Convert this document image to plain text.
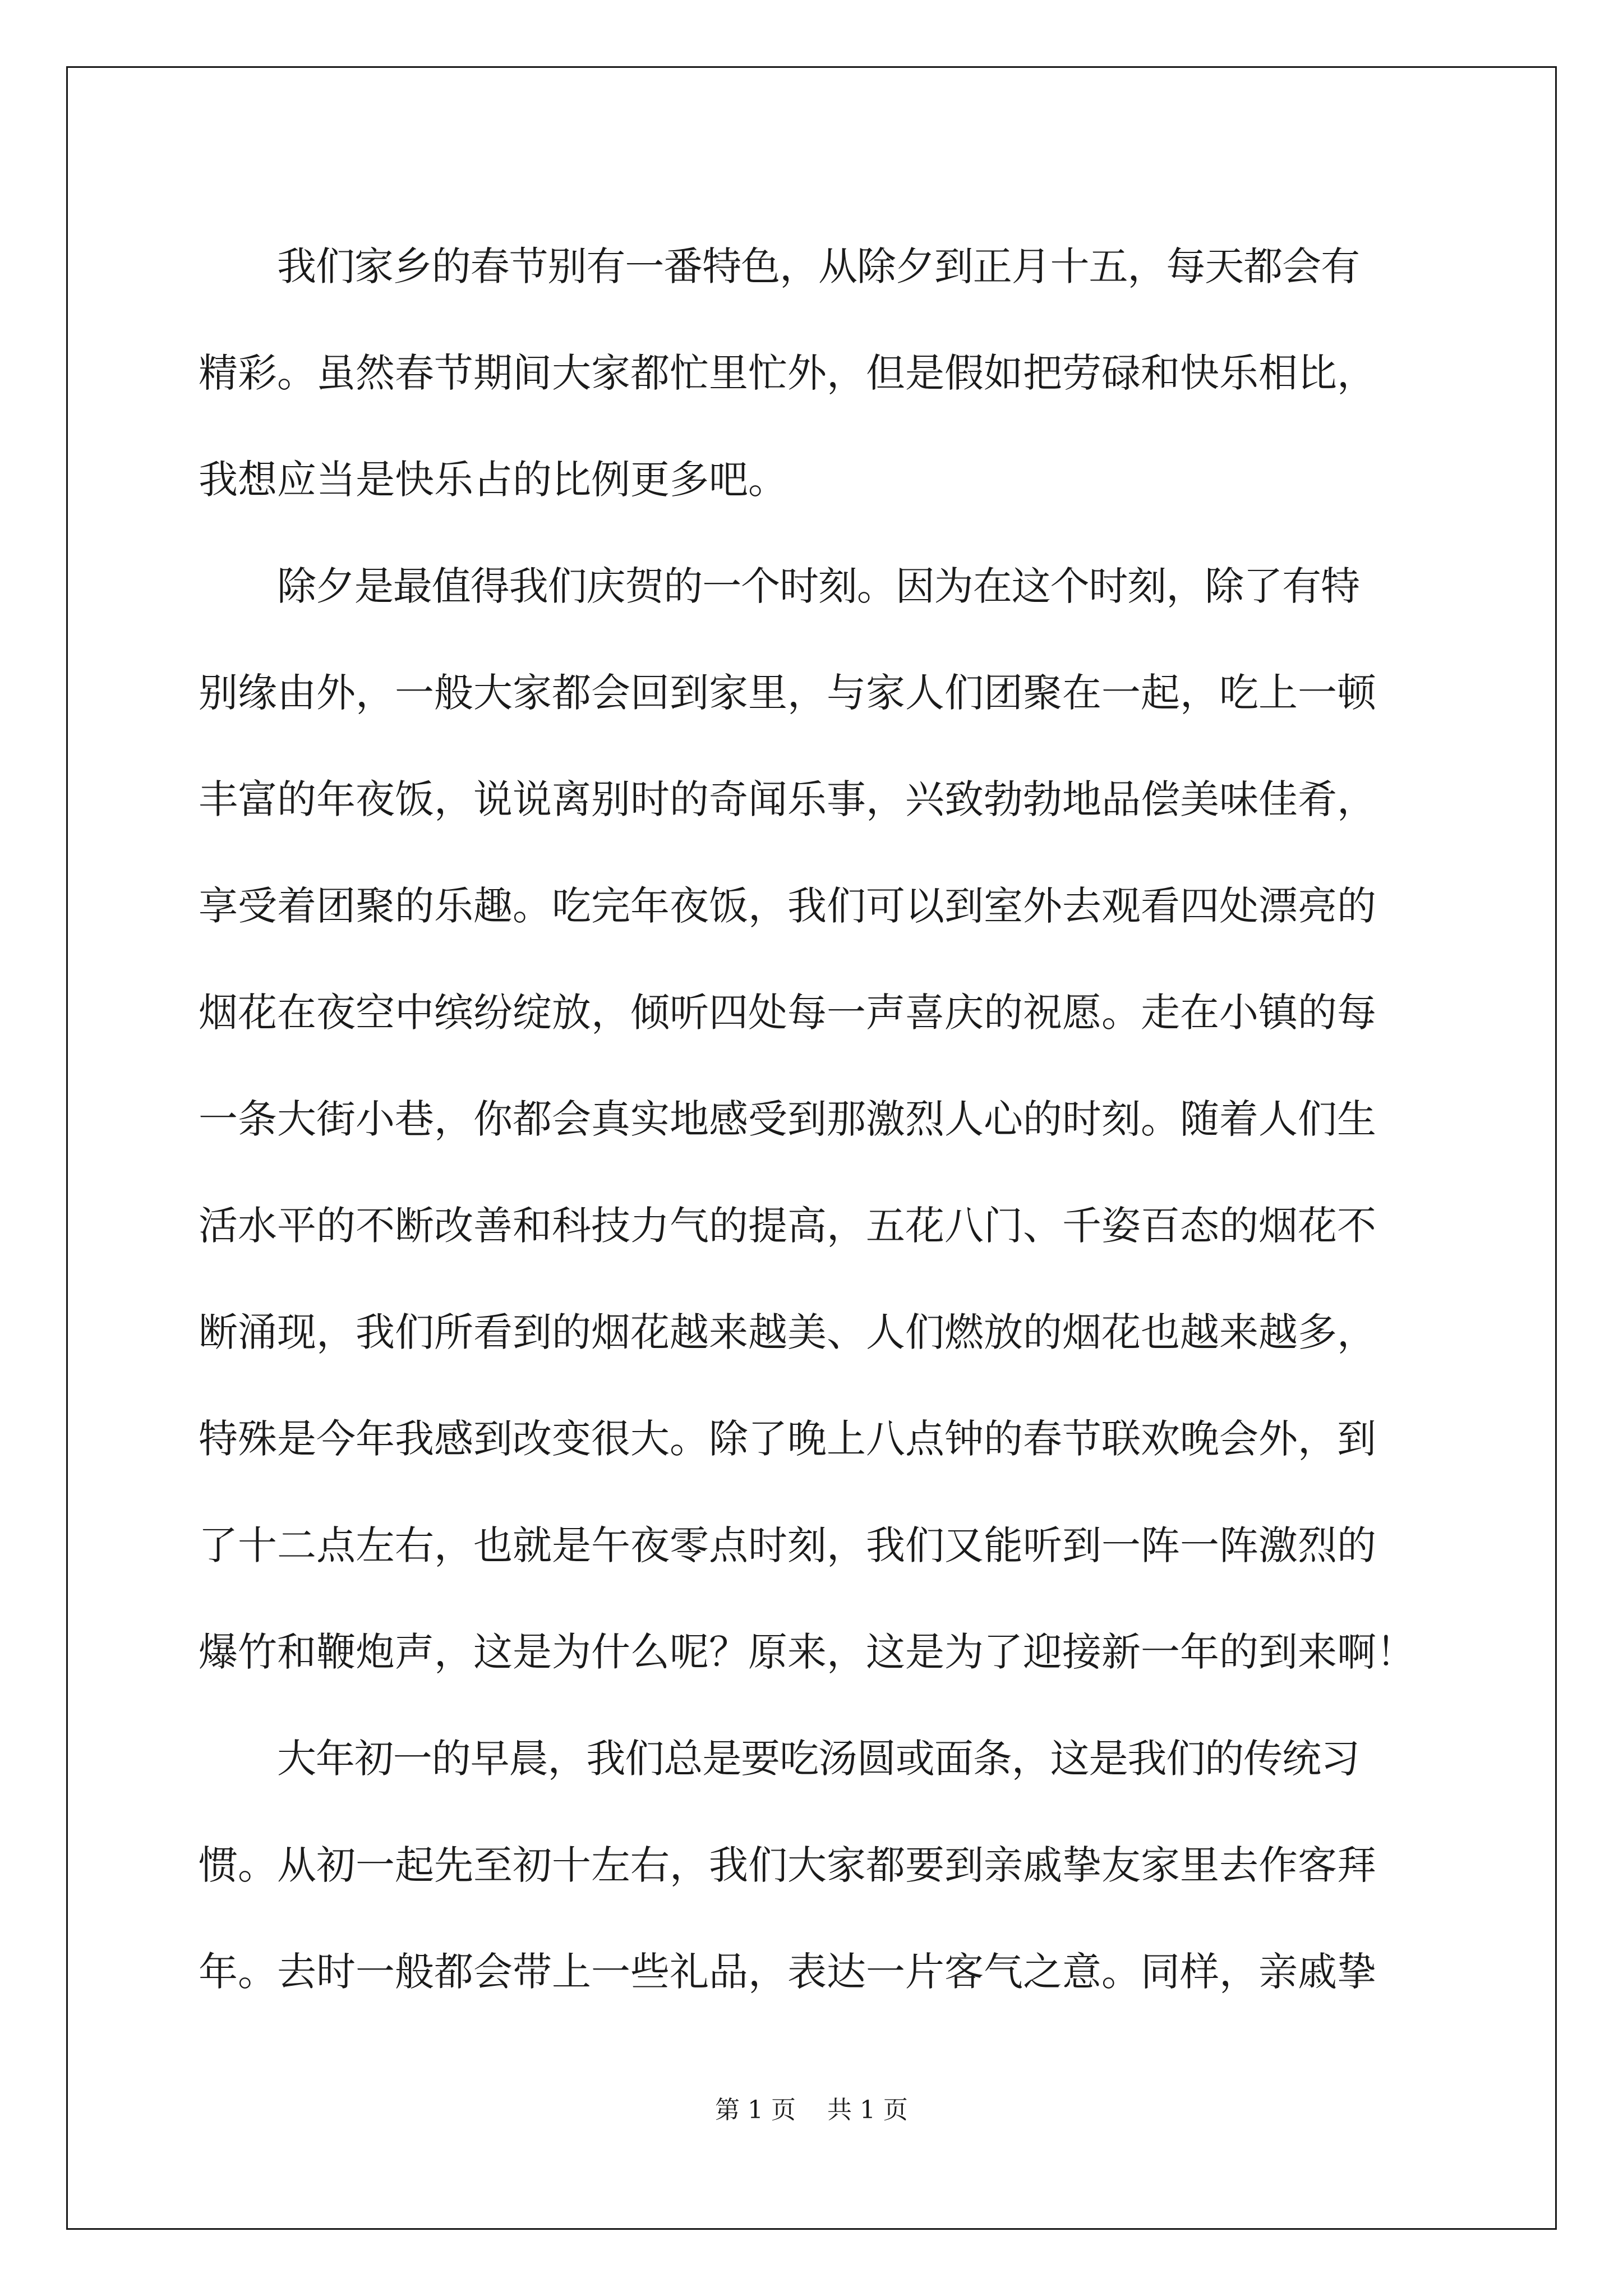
我们家乡的春节别有一番特色，从除夕到正月十五，每天都会有
精彩。虽然春节期间大家都忙里忙外，但是假如把劳碌和快乐相比，
我想应当是快乐占的比例更多吧。

除夕是最值得我们庆贺的一个时刻。因为在这个时刻，除了有特
别缘由外，一般大家都会回到家里，与家人们团聚在一起，吃上一顿
丰富的年夜饭，说说离别时的奇闻乐事，兴致勃勃地品偿美味佳肴，
享受着团聚的乐趣。吃完年夜饭，我们可以到室外去观看四处漂亮的
烟花在夜空中缤纷绽放，倾听四处每一声喜庆的祝愿。走在小镇的每
一条大街小巷，你都会真实地感受到那激烈人心的时刻。随着人们生
活水平的不断改善和科技力气的提高，五花八门、千姿百态的烟花不
断涌现，我们所看到的烟花越来越美、人们燃放的烟花也越来越多，
特殊是今年我感到改变很大。除了晚上八点钟的春节联欢晚会外，到
了十二点左右，也就是午夜零点时刻，我们又能听到一阵一阵激烈的
爆竹和鞭炮声，这是为什么呢？原来，这是为了迎接新一年的到来啊！

大年初一的早晨，我们总是要吃汤圆或面条，这是我们的传统习
惯。从初一起先至初十左右，我们大家都要到亲戚挚友家里去作客拜
年。去时一般都会带上一些礼品，表达一片客气之意。同样，亲戚挚

第 1 页 共 1 页
